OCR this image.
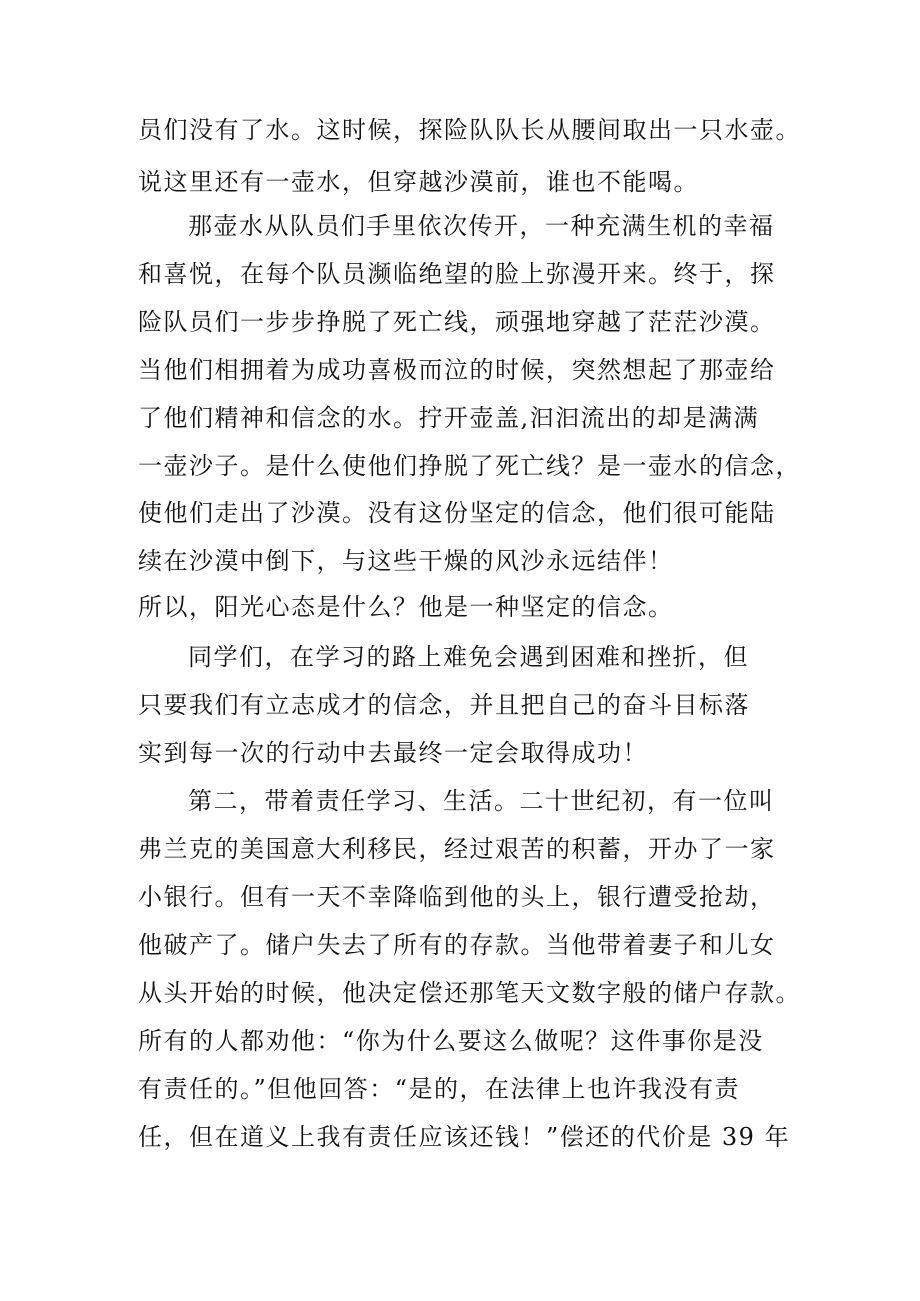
员们没有了水。这时候，探险队队长从腰间取出一只水壶。
说这里还有一壶水，但穿越沙漠前，谁也不能喝。
那壶水从队员们手里依次传开，一种充满生机的幸福
和喜悦，在每个队员濒临绝望的脸上弥漫开来。终于，探
险队员们一步步挣脱了死亡线，顽强地穿越了茫茫沙漠。
当他们相拥着为成功喜极而泣的时候，突然想起了那壶给
了他们精神和信念的水。拧开壶盖,汩汩流出的却是满满
一壶沙子。是什么使他们挣脱了死亡线？是一壶水的信念，
使他们走出了沙漠。没有这份坚定的信念，他们很可能陆
续在沙漠中倒下，与这些干燥的风沙永远结伴！
所以，阳光心态是什么？他是一种坚定的信念。
同学们，在学习的路上难免会遇到困难和挫折，但
只要我们有立志成才的信念，并且把自己的奋斗目标落
实到每一次的行动中去最终一定会取得成功！
第二，带着责任学习、生活。二十世纪初，有一位叫
弗兰克的美国意大利移民，经过艰苦的积蓄，开办了一家
小银行。但有一天不幸降临到他的头上，银行遭受抢劫，
他破产了。储户失去了所有的存款。当他带着妻子和儿女
从头开始的时候，他决定偿还那笔天文数字般的储户存款。
所有的人都劝他：“你为什么要这么做呢？这件事你是没
有责任的。”但他回答：“是的，在法律上也许我没有责
任，但在道义上我有责任应该还钱！”偿还的代价是 39 年
